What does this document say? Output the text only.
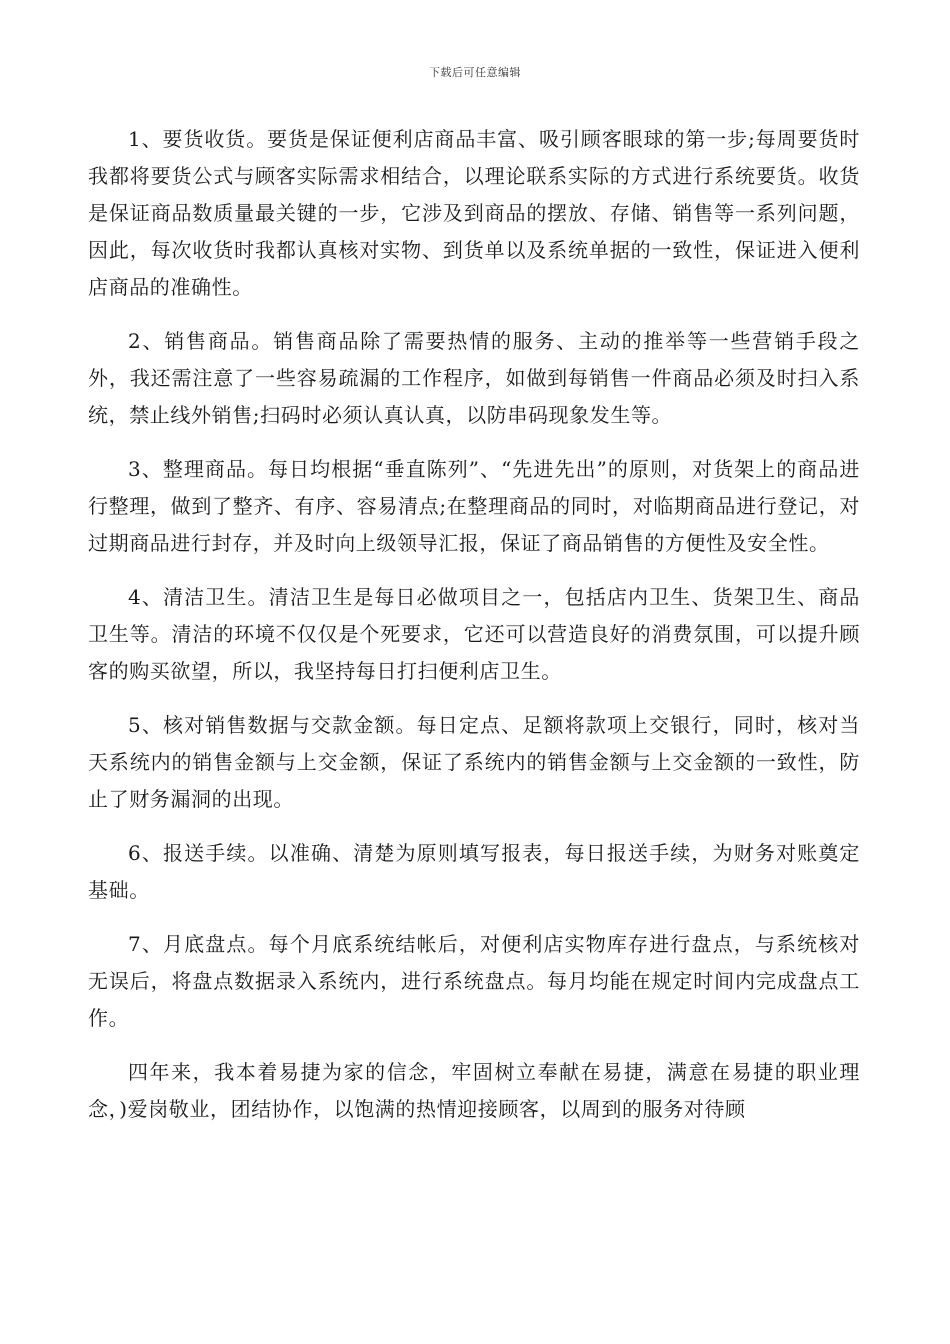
下载后可任意编辑

1、要货收货。要货是保证便利店商品丰富、吸引顾客眼球的第一步;每周要货时我都将要货公式与顾客实际需求相结合，以理论联系实际的方式进行系统要货。收货是保证商品数质量最关键的一步，它涉及到商品的摆放、存储、销售等一系列问题，因此，每次收货时我都认真核对实物、到货单以及系统单据的一致性，保证进入便利店商品的准确性。

2、销售商品。销售商品除了需要热情的服务、主动的推举等一些营销手段之外，我还需注意了一些容易疏漏的工作程序，如做到每销售一件商品必须及时扫入系统，禁止线外销售;扫码时必须认真认真，以防串码现象发生等。

3、整理商品。每日均根据“垂直陈列”、“先进先出”的原则，对货架上的商品进行整理，做到了整齐、有序、容易清点;在整理商品的同时，对临期商品进行登记，对过期商品进行封存，并及时向上级领导汇报，保证了商品销售的方便性及安全性。

4、清洁卫生。清洁卫生是每日必做项目之一，包括店内卫生、货架卫生、商品卫生等。清洁的环境不仅仅是个死要求，它还可以营造良好的消费氛围，可以提升顾客的购买欲望，所以，我坚持每日打扫便利店卫生。

5、核对销售数据与交款金额。每日定点、足额将款项上交银行，同时，核对当天系统内的销售金额与上交金额，保证了系统内的销售金额与上交金额的一致性，防止了财务漏洞的出现。

6、报送手续。以准确、清楚为原则填写报表，每日报送手续，为财务对账奠定基础。

7、月底盘点。每个月底系统结帐后，对便利店实物库存进行盘点，与系统核对无误后，将盘点数据录入系统内，进行系统盘点。每月均能在规定时间内完成盘点工作。

四年来，我本着易捷为家的信念，牢固树立奉献在易捷，满意在易捷的职业理念，)爱岗敬业，团结协作，以饱满的热情迎接顾客，以周到的服务对待顾
